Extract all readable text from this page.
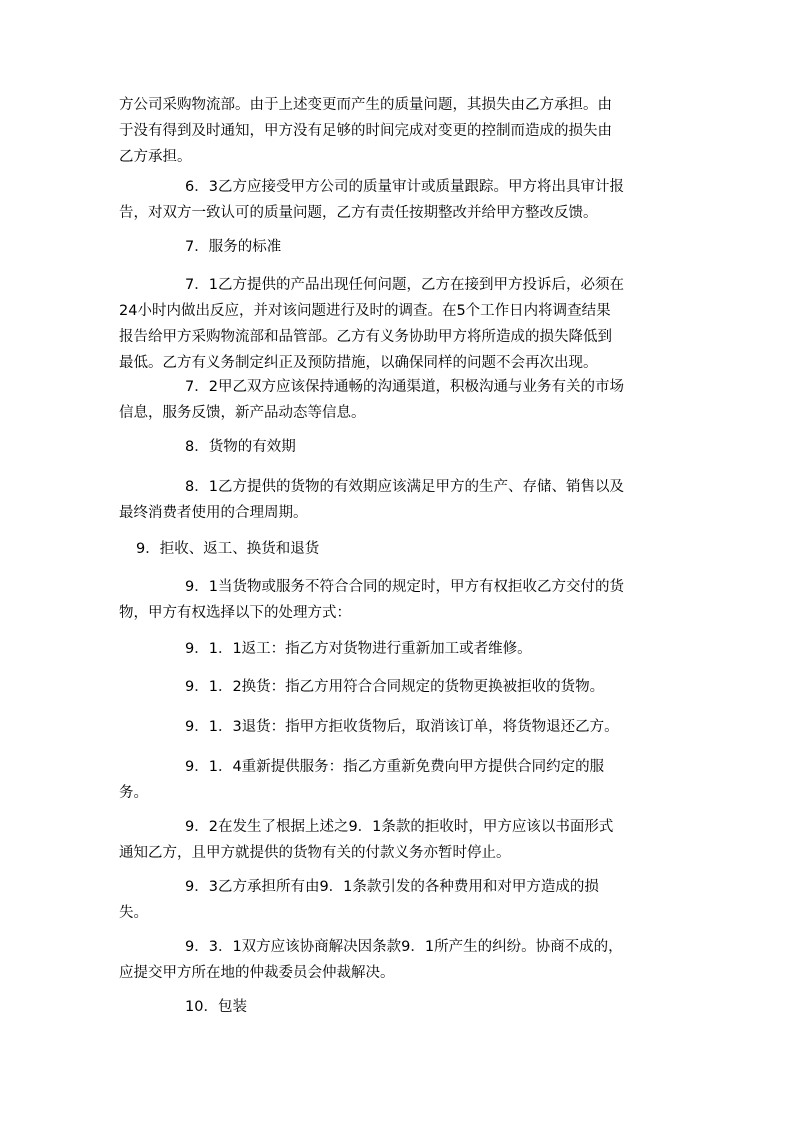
方公司采购物流部。由于上述变更而产生的质量问题，其损失由乙方承担。由
于没有得到及时通知，甲方没有足够的时间完成对变更的控制而造成的损失由
乙方承担。

6．3乙方应接受甲方公司的质量审计或质量跟踪。甲方将出具审计报
告，对双方一致认可的质量问题，乙方有责任按期整改并给甲方整改反馈。

7．服务的标准

7．1乙方提供的产品出现任何问题，乙方在接到甲方投诉后，必须在
24小时内做出反应，并对该问题进行及时的调查。在5个工作日内将调查结果
报告给甲方采购物流部和品管部。乙方有义务协助甲方将所造成的损失降低到
最低。乙方有义务制定纠正及预防措施，以确保同样的问题不会再次出现。

7．2甲乙双方应该保持通畅的沟通渠道，积极沟通与业务有关的市场
信息，服务反馈，新产品动态等信息。

8．货物的有效期

8．1乙方提供的货物的有效期应该满足甲方的生产、存储、销售以及
最终消费者使用的合理周期。

9．拒收、返工、换货和退货

9．1当货物或服务不符合合同的规定时，甲方有权拒收乙方交付的货
物，甲方有权选择以下的处理方式：

9．1．1返工：指乙方对货物进行重新加工或者维修。

9．1．2换货：指乙方用符合合同规定的货物更换被拒收的货物。

9．1．3退货：指甲方拒收货物后，取消该订单，将货物退还乙方。

9．1．4重新提供服务：指乙方重新免费向甲方提供合同约定的服
务。

9．2在发生了根据上述之9．1条款的拒收时，甲方应该以书面形式
通知乙方，且甲方就提供的货物有关的付款义务亦暂时停止。

9．3乙方承担所有由9．1条款引发的各种费用和对甲方造成的损
失。

9．3．1双方应该协商解决因条款9．1所产生的纠纷。协商不成的，
应提交甲方所在地的仲裁委员会仲裁解决。

10．包装
